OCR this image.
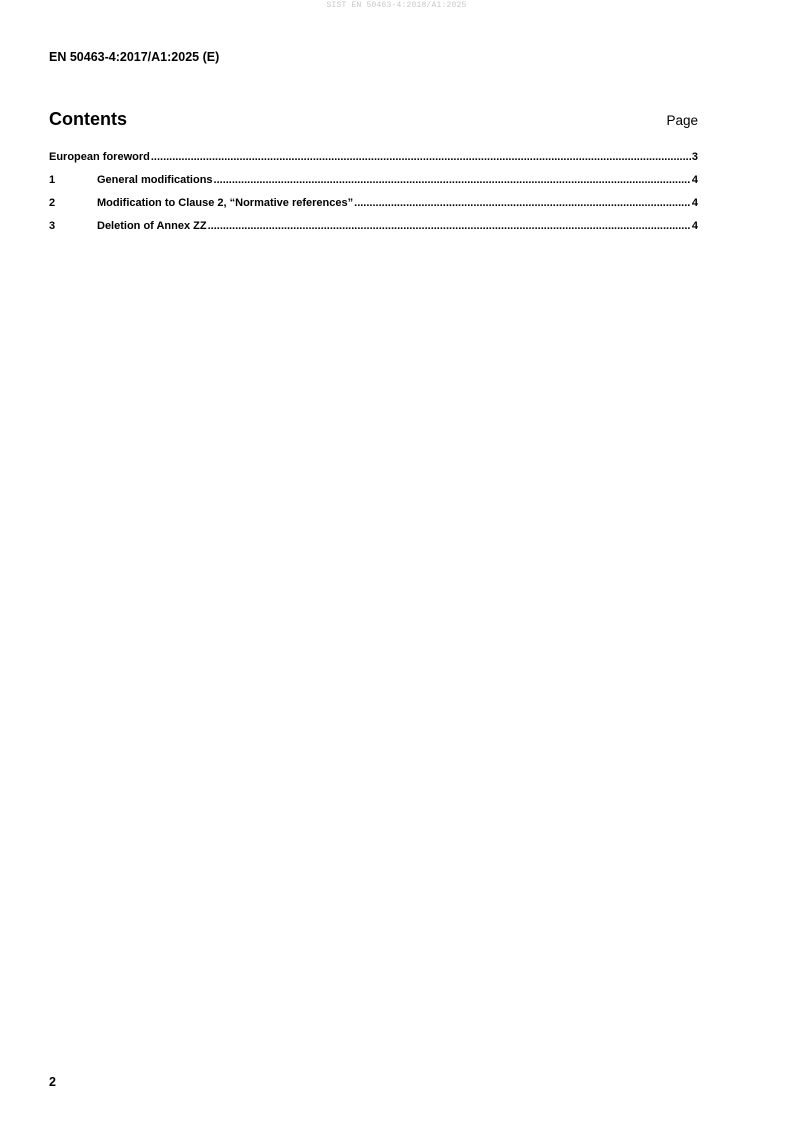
SIST EN 50463-4:2018/A1:2025
EN 50463-4:2017/A1:2025 (E)
Contents	Page
European foreword .....	3
1	General modifications .....	4
2	Modification to Clause 2, “Normative references” .....	4
3	Deletion of Annex ZZ .....	4
2
